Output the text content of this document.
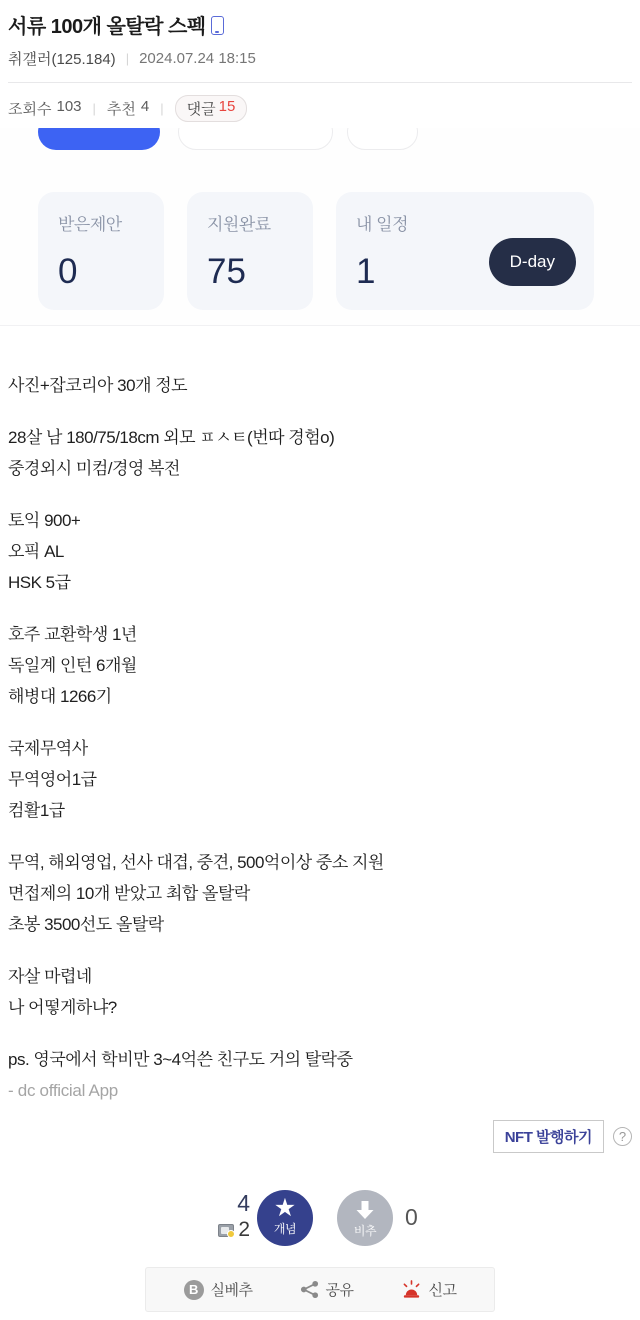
서류 100개 올탈락 스펙
취갤러(125.184) | 2024.07.24 18:15
조회수 103 | 추천 4 | 댓글 15
받은제안
0
지원완료
75
내 일정
1	D-day
사진+잡코리아 30개 정도
28살 남 180/75/18cm 외모 ㅍㅅㅌ(번따 경험o)
중경외시 미컴/경영 복전
토익 900+
오픽 AL
HSK 5급
호주 교환학생 1년
독일계 인턴 6개월
해병대 1266기
국제무역사
무역영어1급
컴활1급
무역, 해외영업, 선사 대겹, 중견, 500억이상 중소 지원
면접제의 10개 받았고 최합 올탈락
초봉 3500선도 올탈락
자살 마렵네
나 어떻게하냐?
ps. 영국에서 학비만 3~4억쓴 친구도 거의 탈락중
- dc official App
NFT 발행하기	?
4
2
★
개념	비추
0
B 실베추	공유	신고
